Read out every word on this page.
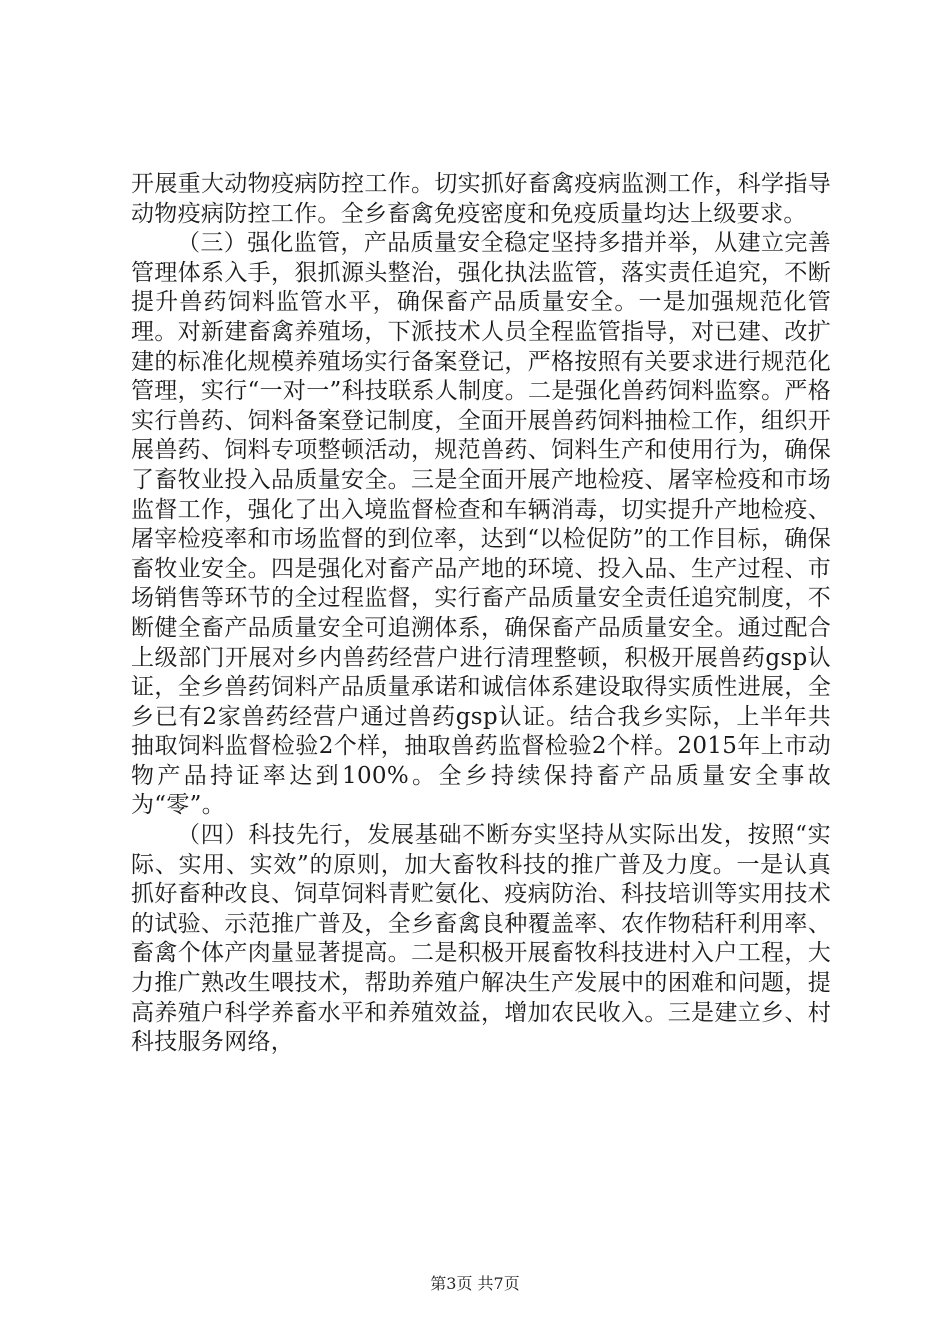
开展重大动物疫病防控工作。切实抓好畜禽疫病监测工作，科学指导动物疫病防控工作。全乡畜禽免疫密度和免疫质量均达上级要求。

（三）强化监管，产品质量安全稳定坚持多措并举，从建立完善管理体系入手，狠抓源头整治，强化执法监管，落实责任追究，不断提升兽药饲料监管水平，确保畜产品质量安全。一是加强规范化管理。对新建畜禽养殖场，下派技术人员全程监管指导，对已建、改扩建的标准化规模养殖场实行备案登记，严格按照有关要求进行规范化管理，实行“一对一”科技联系人制度。二是强化兽药饲料监察。严格实行兽药、饲料备案登记制度，全面开展兽药饲料抽检工作，组织开展兽药、饲料专项整顿活动，规范兽药、饲料生产和使用行为，确保了畜牧业投入品质量安全。三是全面开展产地检疫、屠宰检疫和市场监督工作，强化了出入境监督检查和车辆消毒，切实提升产地检疫、屠宰检疫率和市场监督的到位率，达到“以检促防”的工作目标，确保畜牧业安全。四是强化对畜产品产地的环境、投入品、生产过程、市场销售等环节的全过程监督，实行畜产品质量安全责任追究制度，不断健全畜产品质量安全可追溯体系，确保畜产品质量安全。通过配合上级部门开展对乡内兽药经营户进行清理整顿，积极开展兽药gsp认证，全乡兽药饲料产品质量承诺和诚信体系建设取得实质性进展，全乡已有2家兽药经营户通过兽药gsp认证。结合我乡实际，上半年共抽取饲料监督检验2个样，抽取兽药监督检验2个样。2015年上市动物产品持证率达到100%。全乡持续保持畜产品质量安全事故为“零”。

（四）科技先行，发展基础不断夯实坚持从实际出发，按照“实际、实用、实效”的原则，加大畜牧科技的推广普及力度。一是认真抓好畜种改良、饲草饲料青贮氨化、疫病防治、科技培训等实用技术的试验、示范推广普及，全乡畜禽良种覆盖率、农作物秸秆利用率、畜禽个体产肉量显著提高。二是积极开展畜牧科技进村入户工程，大力推广熟改生喂技术，帮助养殖户解决生产发展中的困难和问题，提高养殖户科学养畜水平和养殖效益，增加农民收入。三是建立乡、村科技服务网络，

第3页 共7页
